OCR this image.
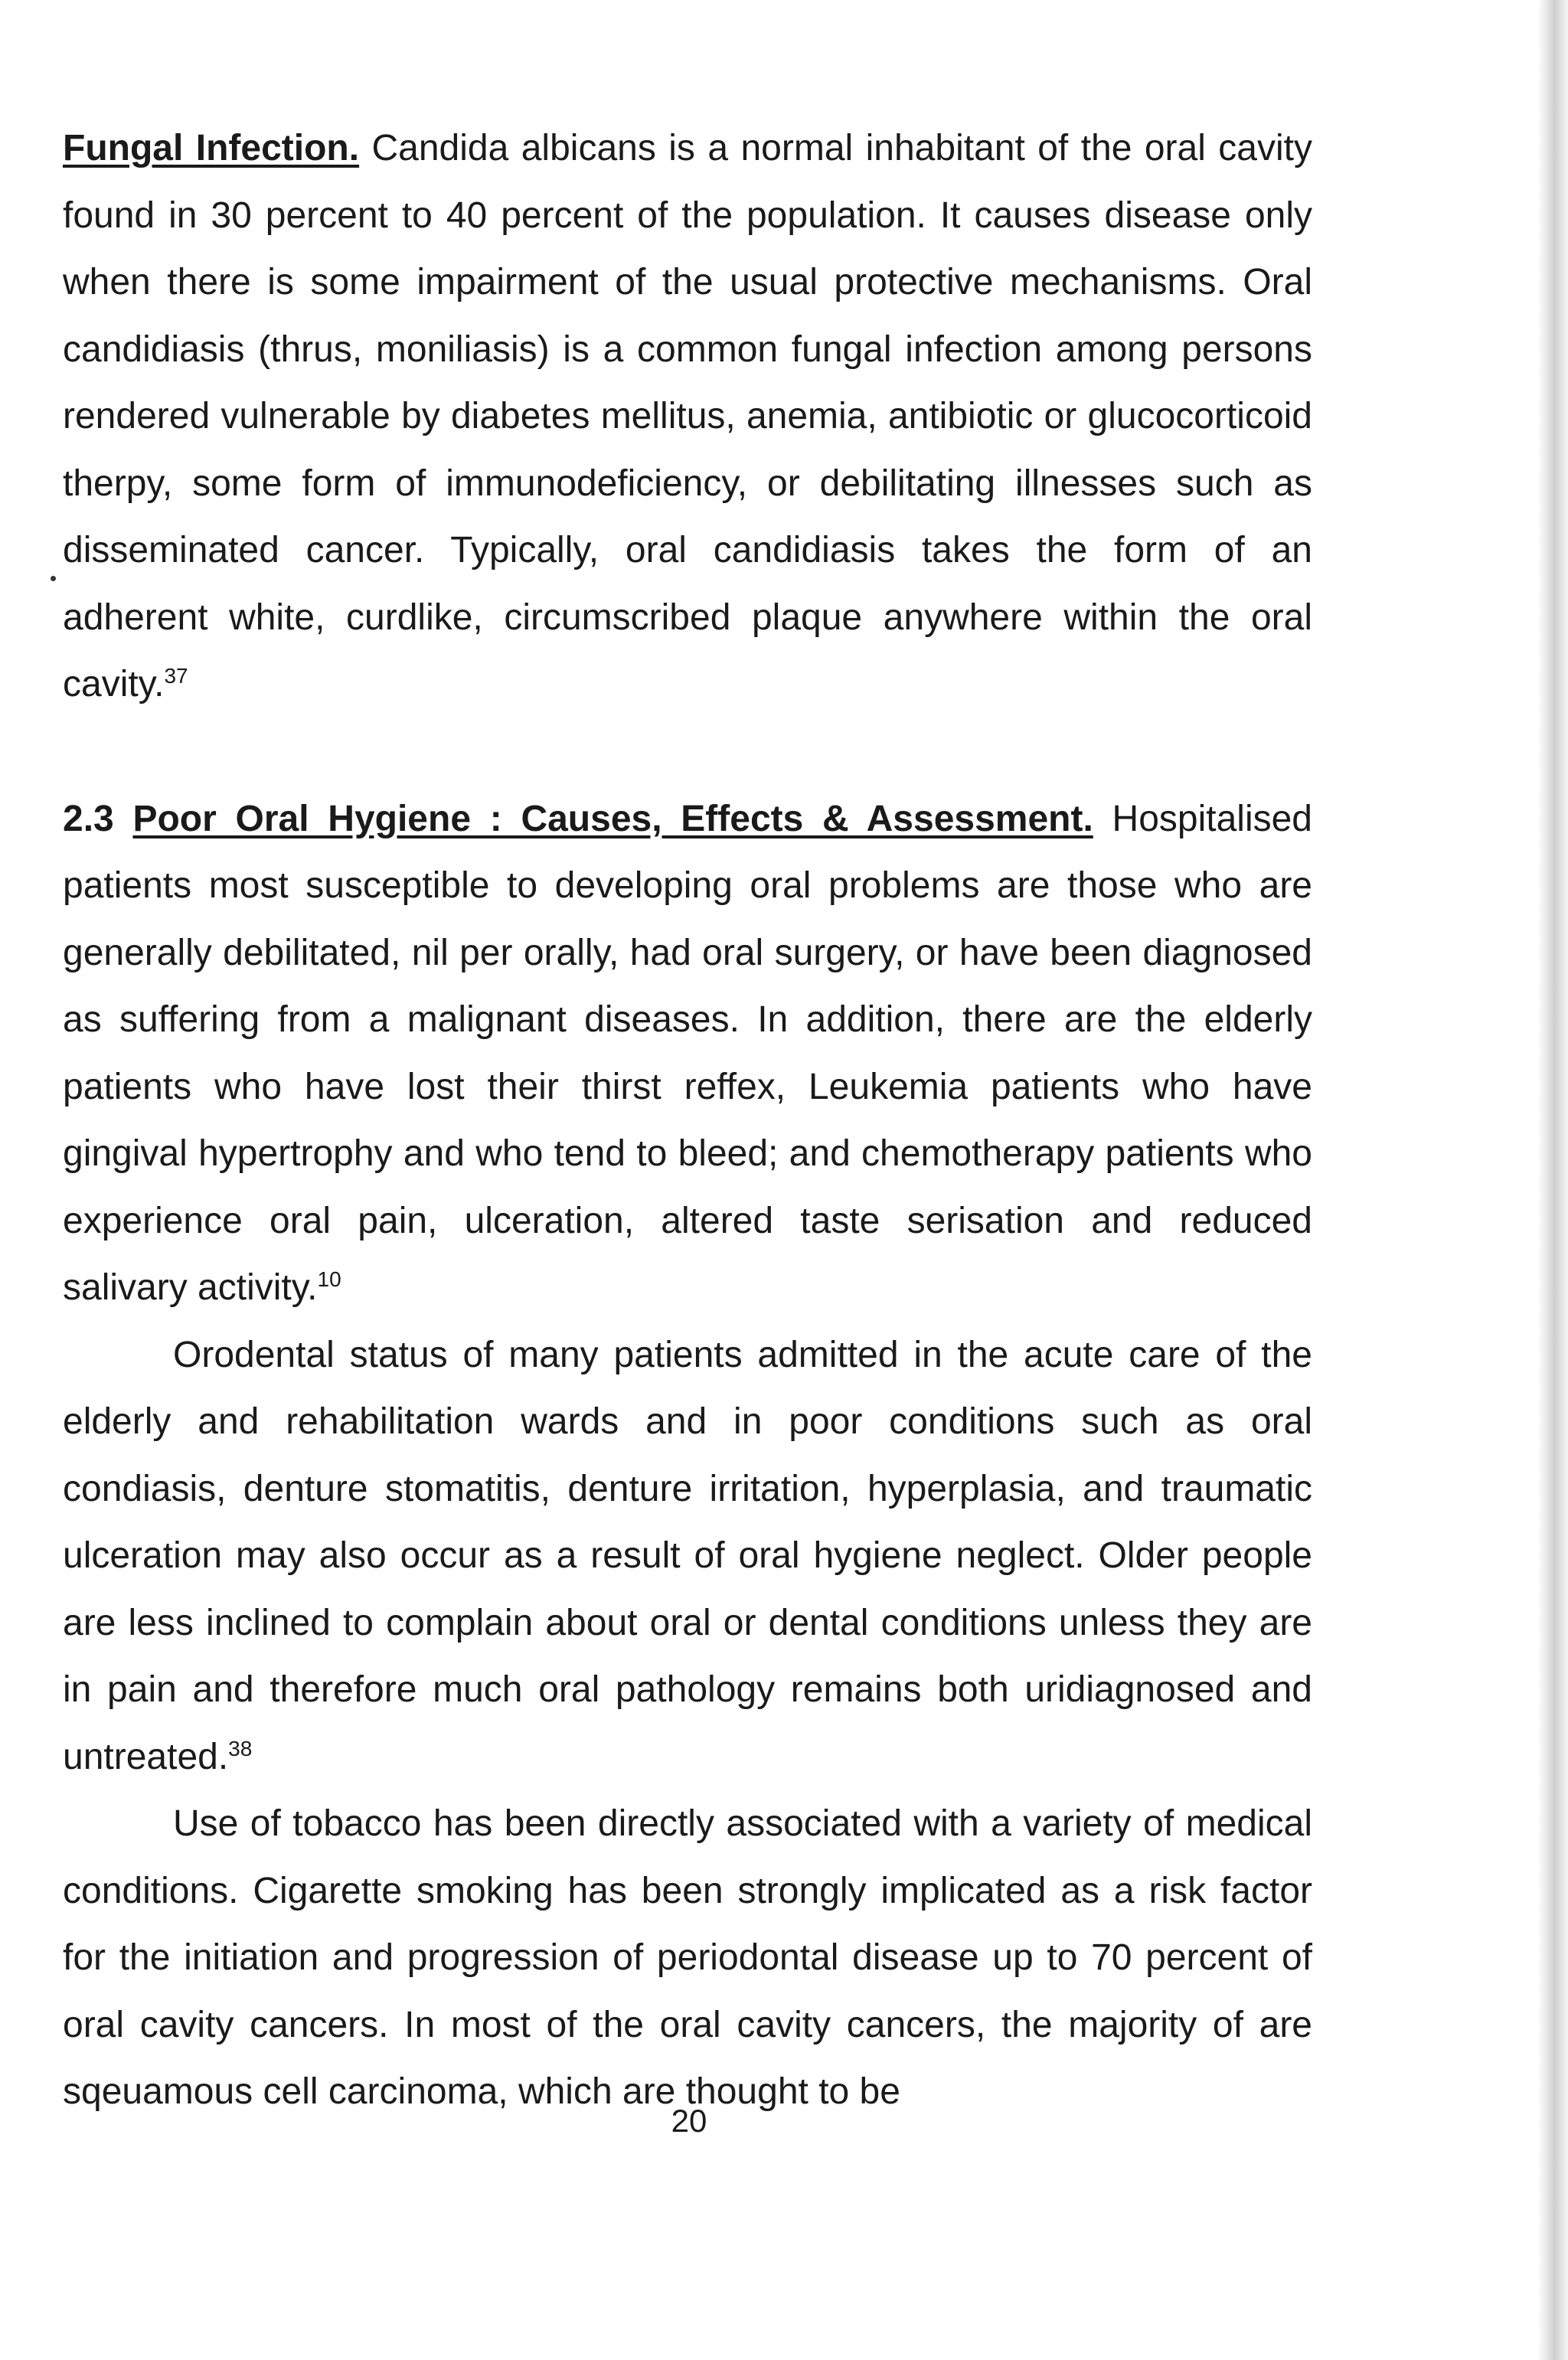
Fungal Infection. Candida albicans is a normal inhabitant of the oral cavity found in 30 percent to 40 percent of the population. It causes disease only when there is some impairment of the usual protective mechanisms. Oral candidiasis (thrus, moniliasis) is a common fungal infection among persons rendered vulnerable by diabetes mellitus, anemia, antibiotic or glucocorticoid therpy, some form of immunodeficiency, or debilitating illnesses such as disseminated cancer. Typically, oral candidiasis takes the form of an adherent white, curdlike, circumscribed plaque anywhere within the oral cavity.$^{37}$

2.3 Poor Oral Hygiene : Causes, Effects & Assessment. Hospitalised patients most susceptible to developing oral problems are those who are generally debilitated, nil per orally, had oral surgery, or have been diagnosed as suffering from a malignant diseases. In addition, there are the elderly patients who have lost their thirst reffex, Leukemia patients who have gingival hypertrophy and who tend to bleed; and chemotherapy patients who experience oral pain, ulceration, altered taste serisation and reduced salivary activity.$^{10}$

Orodental status of many patients admitted in the acute care of the elderly and rehabilitation wards and in poor conditions such as oral condiasis, denture stomatitis, denture irritation, hyperplasia, and traumatic ulceration may also occur as a result of oral hygiene neglect. Older people are less inclined to complain about oral or dental conditions unless they are in pain and therefore much oral pathology remains both uridiagnosed and untreated.$^{38}$

Use of tobacco has been directly associated with a variety of medical conditions. Cigarette smoking has been strongly implicated as a risk factor for the initiation and progression of periodontal disease up to 70 percent of oral cavity cancers. In most of the oral cavity cancers, the majority of are sqeuamous cell carcinoma, which are thought to be

20
